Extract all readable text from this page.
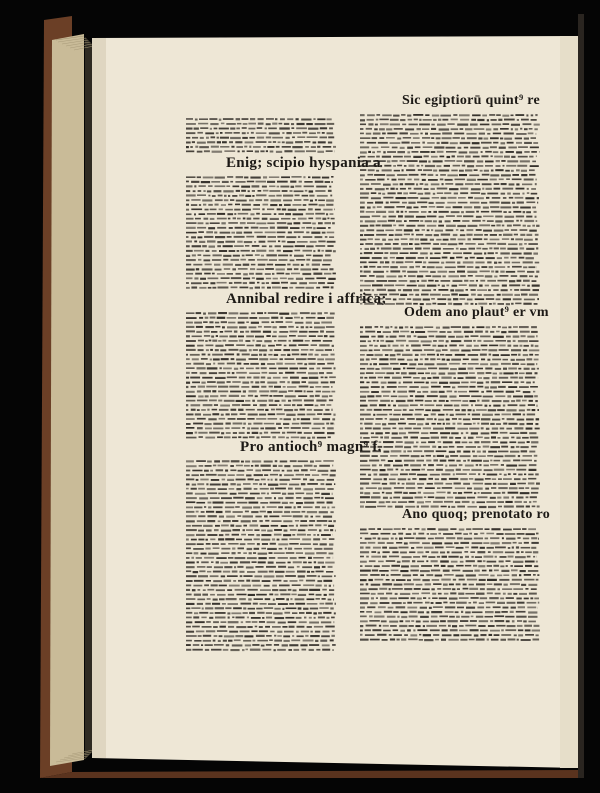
Enig; scipio hyspania a
Annibal redire i affrica;
Pro antioch⁹ magn⁹ f.
Sic egiptiorū quint⁹ re
Odem ano plaut⁹ er vm
Ano quoq; prenotato ro
